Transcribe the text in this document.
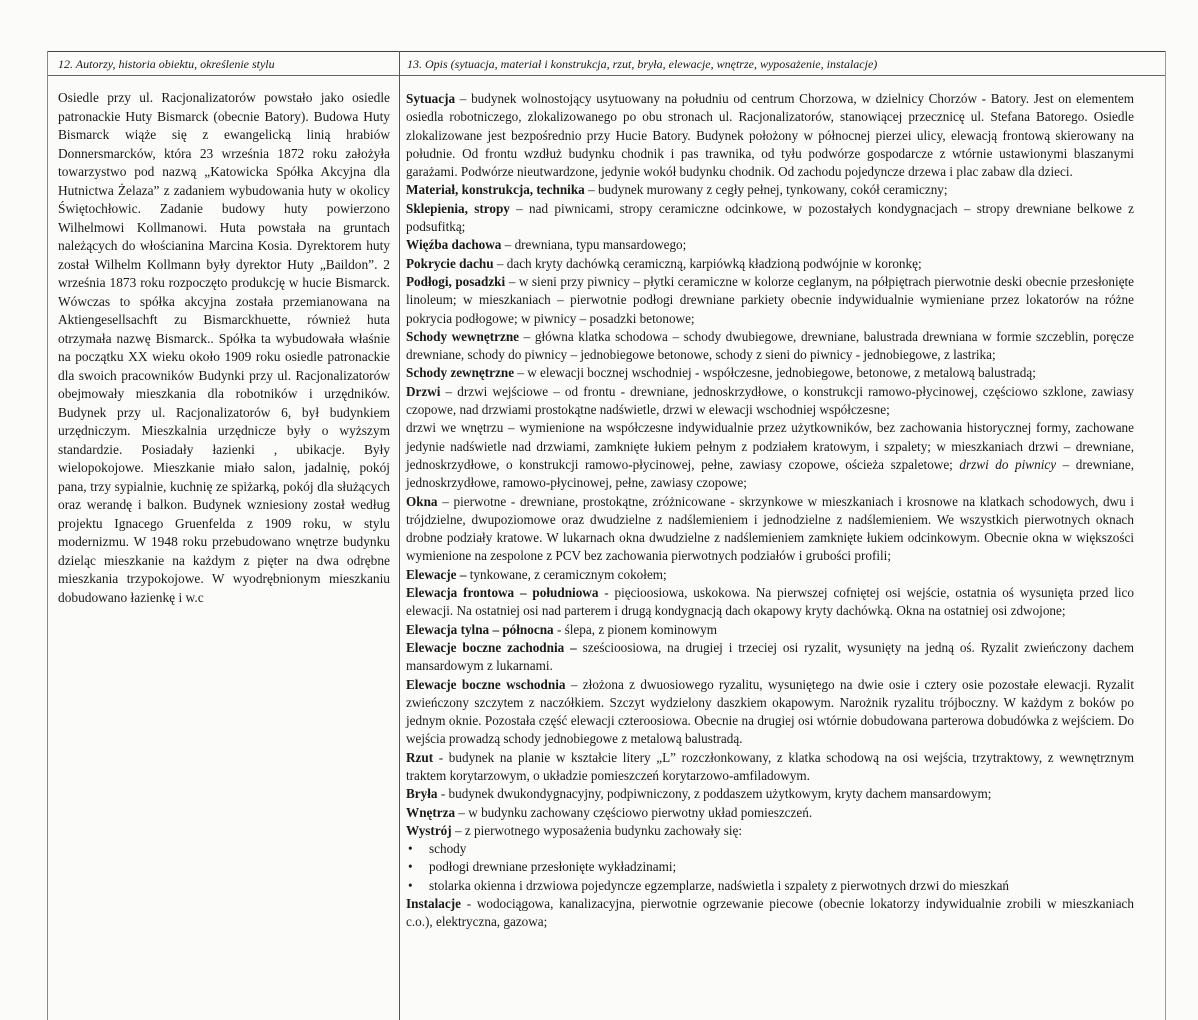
12. Autorzy, historia obiektu, określenie stylu	13. Opis (sytuacja, materiał i konstrukcja, rzut, bryła, elewacje, wnętrze, wyposażenie, instalacje)

Osiedle przy ul. Racjonalizatorów powstało jako osiedle patronackie Huty Bismarck (obecnie Batory). Budowa Huty Bismarck wiąże się z ewangelicką linią hrabiów Donnersmarcków, która 23 września 1872 roku założyła towarzystwo pod nazwą „Katowicka Spółka Akcyjna dla Hutnictwa Żelaza” z zadaniem wybudowania huty w okolicy Świętochłowic. Zadanie budowy huty powierzono Wilhelmowi Kollmanowi. Huta powstała na gruntach należących do włościanina Marcina Kosia. Dyrektorem huty został Wilhelm Kollmann były dyrektor Huty „Baildon”. 2 września 1873 roku rozpoczęto produkcję w hucie Bismarck. Wówczas to spółka akcyjna została przemianowana na Aktiengesellsachft zu Bismarckhuette, również huta otrzymała nazwę Bismarck.. Spółka ta wybudowała właśnie na początku XX wieku około 1909 roku osiedle patronackie dla swoich pracowników Budynki przy ul. Racjonalizatorów obejmowały mieszkania dla robotników i urzędników. Budynek przy ul. Racjonalizatorów 6, był budynkiem urzędniczym. Mieszkalnia urzędnicze były o wyższym standardzie. Posiadały łazienki , ubikacje. Były wielopokojowe. Mieszkanie miało salon, jadalnię, pokój pana, trzy sypialnie, kuchnię ze spiżarką, pokój dla służących oraz werandę i balkon. Budynek wzniesiony został według projektu Ignacego Gruenfelda z 1909 roku, w stylu modernizmu. W 1948 roku przebudowano wnętrze budynku dzieląc mieszkanie na każdym z pięter na dwa odrębne mieszkania trzypokojowe. W wyodrębnionym mieszkaniu dobudowano łazienkę i w.c

Sytuacja – budynek wolnostojący usytuowany na południu od centrum Chorzowa, w dzielnicy Chorzów - Batory. Jest on elementem osiedla robotniczego, zlokalizowanego po obu stronach ul. Racjonalizatorów, stanowiącej przecznicę ul. Stefana Batorego. Osiedle zlokalizowane jest bezpośrednio przy Hucie Batory. Budynek położony w północnej pierzei ulicy, elewacją frontową skierowany na południe. Od frontu wzdłuż budynku chodnik i pas trawnika, od tyłu podwórze gospodarcze z wtórnie ustawionymi blaszanymi garażami. Podwórze nieutwardzone, jedynie wokół budynku chodnik. Od zachodu pojedyncze drzewa i plac zabaw dla dzieci.

Materiał, konstrukcja, technika – budynek murowany z cegły pełnej, tynkowany, cokół ceramiczny;

Sklepienia, stropy – nad piwnicami, stropy ceramiczne odcinkowe, w pozostałych kondygnacjach – stropy drewniane belkowe z podsufitką;

Więźba dachowa – drewniana, typu mansardowego;

Pokrycie dachu – dach kryty dachówką ceramiczną, karpiówką kładzioną podwójnie w koronkę;

Podłogi, posadzki – w sieni przy piwnicy – płytki ceramiczne w kolorze ceglanym, na półpiętrach pierwotnie deski obecnie przesłonięte linoleum; w mieszkaniach – pierwotnie podłogi drewniane parkiety obecnie indywidualnie wymieniane przez lokatorów na różne pokrycia podłogowe; w piwnicy – posadzki betonowe;

Schody wewnętrzne – główna klatka schodowa – schody dwubiegowe, drewniane, balustrada drewniana w formie szczeblin, poręcze drewniane, schody do piwnicy – jednobiegowe betonowe, schody z sieni do piwnicy - jednobiegowe, z lastrika;

Schody zewnętrzne – w elewacji bocznej wschodniej - współczesne, jednobiegowe, betonowe, z metalową balustradą;

Drzwi – drzwi wejściowe – od frontu - drewniane, jednoskrzydłowe, o konstrukcji ramowo-płycinowej, częściowo szklone, zawiasy czopowe, nad drzwiami prostokątne nadświetle, drzwi w elewacji wschodniej współczesne;

drzwi we wnętrzu – wymienione na współczesne indywidualnie przez użytkowników, bez zachowania historycznej formy, zachowane jedynie nadświetle nad drzwiami, zamknięte łukiem pełnym z podziałem kratowym, i szpalety; w mieszkaniach drzwi – drewniane, jednoskrzydłowe, o konstrukcji ramowo-płycinowej, pełne, zawiasy czopowe, ościeża szpaletowe; drzwi do piwnicy – drewniane, jednoskrzydłowe, ramowo-płycinowej, pełne, zawiasy czopowe;

Okna – pierwotne - drewniane, prostokątne, zróżnicowane - skrzynkowe w mieszkaniach i krosnowe na klatkach schodowych, dwu i trójdzielne, dwupoziomowe oraz dwudzielne z nadślemieniem i jednodzielne z nadślemieniem. We wszystkich pierwotnych oknach drobne podziały kratowe. W lukarnach okna dwudzielne z nadślemieniem zamknięte łukiem odcinkowym. Obecnie okna w większości wymienione na zespolone z PCV bez zachowania pierwotnych podziałów i grubości profili;

Elewacje – tynkowane, z ceramicznym cokołem;

Elewacja frontowa – południowa - pięcioosiowa, uskokowa. Na pierwszej cofniętej osi wejście, ostatnia oś wysunięta przed lico elewacji. Na ostatniej osi nad parterem i drugą kondygnacją dach okapowy kryty dachówką. Okna na ostatniej osi zdwojone;

Elewacja tylna – północna - ślepa, z pionem kominowym

Elewacje boczne zachodnia – sześcioosiowa, na drugiej i trzeciej osi ryzalit, wysunięty na jedną oś. Ryzalit zwieńczony dachem mansardowym z lukarnami.

Elewacje boczne wschodnia – złożona z dwuosiowego ryzalitu, wysuniętego na dwie osie i cztery osie pozostałe elewacji. Ryzalit zwieńczony szczytem z naczółkiem. Szczyt wydzielony daszkiem okapowym. Narożnik ryzalitu trójboczny. W każdym z boków po jednym oknie. Pozostała część elewacji czteroosiowa. Obecnie na drugiej osi wtórnie dobudowana parterowa dobudówka z wejściem. Do wejścia prowadzą schody jednobiegowe z metalową balustradą.

Rzut - budynek na planie w kształcie litery „L” rozczłonkowany, z klatka schodową na osi wejścia, trzytraktowy, z wewnętrznym traktem korytarzowym, o układzie pomieszczeń korytarzowo-amfiladowym.

Bryła - budynek dwukondygnacyjny, podpiwniczony, z poddaszem użytkowym, kryty dachem mansardowym;

Wnętrza – w budynku zachowany częściowo pierwotny układ pomieszczeń.

Wystrój – z pierwotnego wyposażenia budynku zachowały się:

• schody
• podłogi drewniane przesłonięte wykładzinami;
• stolarka okienna i drzwiowa pojedyncze egzemplarze, nadświetla i szpalety z pierwotnych drzwi do mieszkań

Instalacje - wodociągowa, kanalizacyjna, pierwotnie ogrzewanie piecowe (obecnie lokatorzy indywidualnie zrobili w mieszkaniach c.o.), elektryczna, gazowa;
